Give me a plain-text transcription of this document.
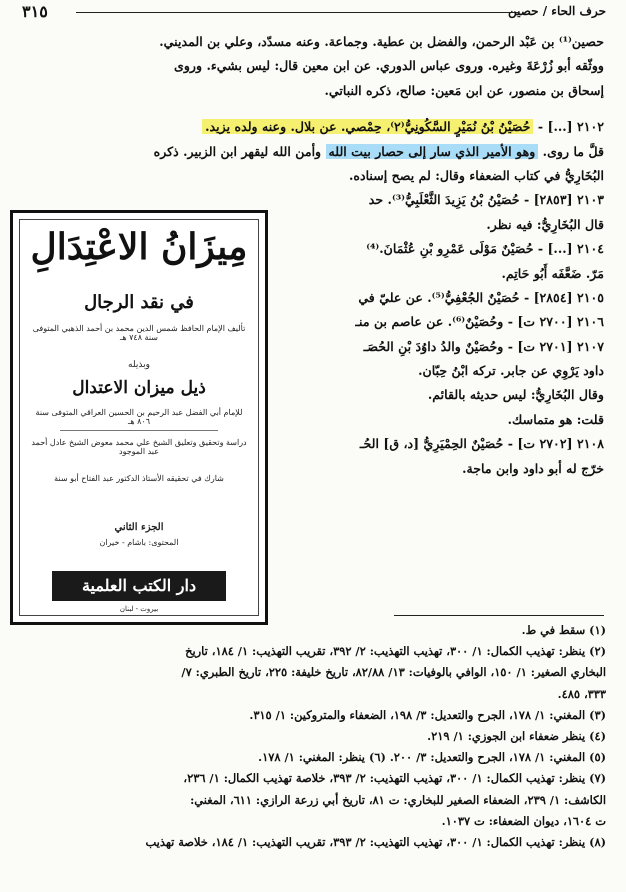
٣١٥	حرف الحاء / حصين
حصين⁽¹⁾ بن عَبْد الرحمن، والفضل بن عطية. وجماعة. وعنه مسدّد، وعلي بن المديني.
ووثّقه أبو زُرْعَةَ وغيره. وروى عباس الدوري. عن ابن معين قال: ليس بشيء. وروى
إسحاق بن منصور، عن ابن مَعين: صالح، ذكره النباتي.
٢١٠٢ [...] - حُصَيْنُ بْنُ نُمَيْرٍ السَّكُونِيُّ⁽٢⁾، حِمْصي. عن بلال. وعنه ولده يزيد.
قلَّ ما روى. وهو الأمير الذي سار إلى حصار بيت الله وأمن الله ليقهر ابن الزبير. ذكره
البُخَارِيُّ في كتاب الضعفاء وقال: لم يصح إسناده.
٢١٠٣ [٢٨٥٣] - حُصَيْنُ بْنُ يَزِيدَ الثَّعْلَبِيُّ⁽³⁾. حد
قال البُخَارِيُّ: فيه نظر.
٢١٠٤ [...] - حُصَيْنٌ مَوْلَى عَمْرِو بْنِ عُثْمَانَ.⁽⁴⁾
مَرّ. ضَعَّفَه أَبُو حَاتِم.
٢١٠٥ [٢٨٥٤] - حُصَيْنٌ الجُعْفِيُّ⁽⁵⁾. عن عليّ في
٢١٠٦ [٢٧٠٠ ت] - وحُصَيْنٌ⁽⁶⁾. عن عاصم بن منـ
٢١٠٧ [٢٧٠١ ت] - وحُصَيْنٌ والدُ داوُدَ بْنِ الحُصَـ
داود يَرْوِي عن جابر. تركه ابْنُ حِبّان.
وقال البُخَارِيُّ: ليس حديثه بالقائم.
قلت: هو متماسك.
٢١٠٨ [٢٧٠٢ ت] - حُصَيْنٌ الحِمْيَرِيُّ [د، ق] الحُـ
خرّج له أبو داود وابن ماجة.
(١) سقط في ط.
(٢) ينظر: تهذيب الكمال: ١/ ٣٠٠، تهذيب التهذيب: ٢/ ٣٩٢، تقريب التهذيب: ١/ ١٨٤، تاريخ
البخاري الصغير: ١/ ١٥٠، الوافي بالوفيات: ١٣/ ٨٢/٨٨، تاريخ خليفة: ٢٢٥، تاريخ الطبري: ٧/
٣٣٣، ٤٨٥.
(٣) المغني: ١/ ١٧٨، الجرح والتعديل: ٣/ ١٩٨، الضعفاء والمتروكين: ١/ ٣١٥.
(٤) ينظر ضعفاء ابن الجوزي: ١/ ٢١٩.
(٥) المغني: ١/ ١٧٨، الجرح والتعديل: ٣/ ٢٠٠. (٦) ينظر: المغني: ١/ ١٧٨.
(٧) ينظر: تهذيب الكمال: ١/ ٣٠٠، تهذيب التهذيب: ٢/ ٣٩٣، خلاصة تهذيب الكمال: ١/ ٢٣٦،
الكاشف: ١/ ٢٣٩، الضعفاء الصغير للبخاري: ت ٨١، تاريخ أبي زرعة الرازي: ٦١١، المغني:
ت ١٦٠٤، ديوان الضعفاء: ت ١٠٣٧.
(٨) ينظر: تهذيب الكمال: ١/ ٣٠٠، تهذيب التهذيب: ٢/ ٣٩٣، تقريب التهذيب: ١/ ١٨٤، خلاصة تهذيب
مِيزَانُ الاعْتِدَالِ
في نقد الرجال
تأليف الإمام الحافظ شمس الدين محمد بن أحمد الذهبي المتوفى سنة ٧٤٨ هـ
وبذيله
ذيل ميزان الاعتدال
للإمام أبي الفضل عبد الرحيم بن الحسين العراقي المتوفى سنة ٨٠٦ هـ
دراسة وتحقيق وتعليق الشيخ علي محمد معوض الشيخ عادل أحمد عبد الموجود
شارك في تحقيقه الأستاذ الدكتور عبد الفتاح أبو سنة
الجزء الثاني
المحتوى: باشام - خيران
دار الكتب العلمية
بيروت - لبنان
